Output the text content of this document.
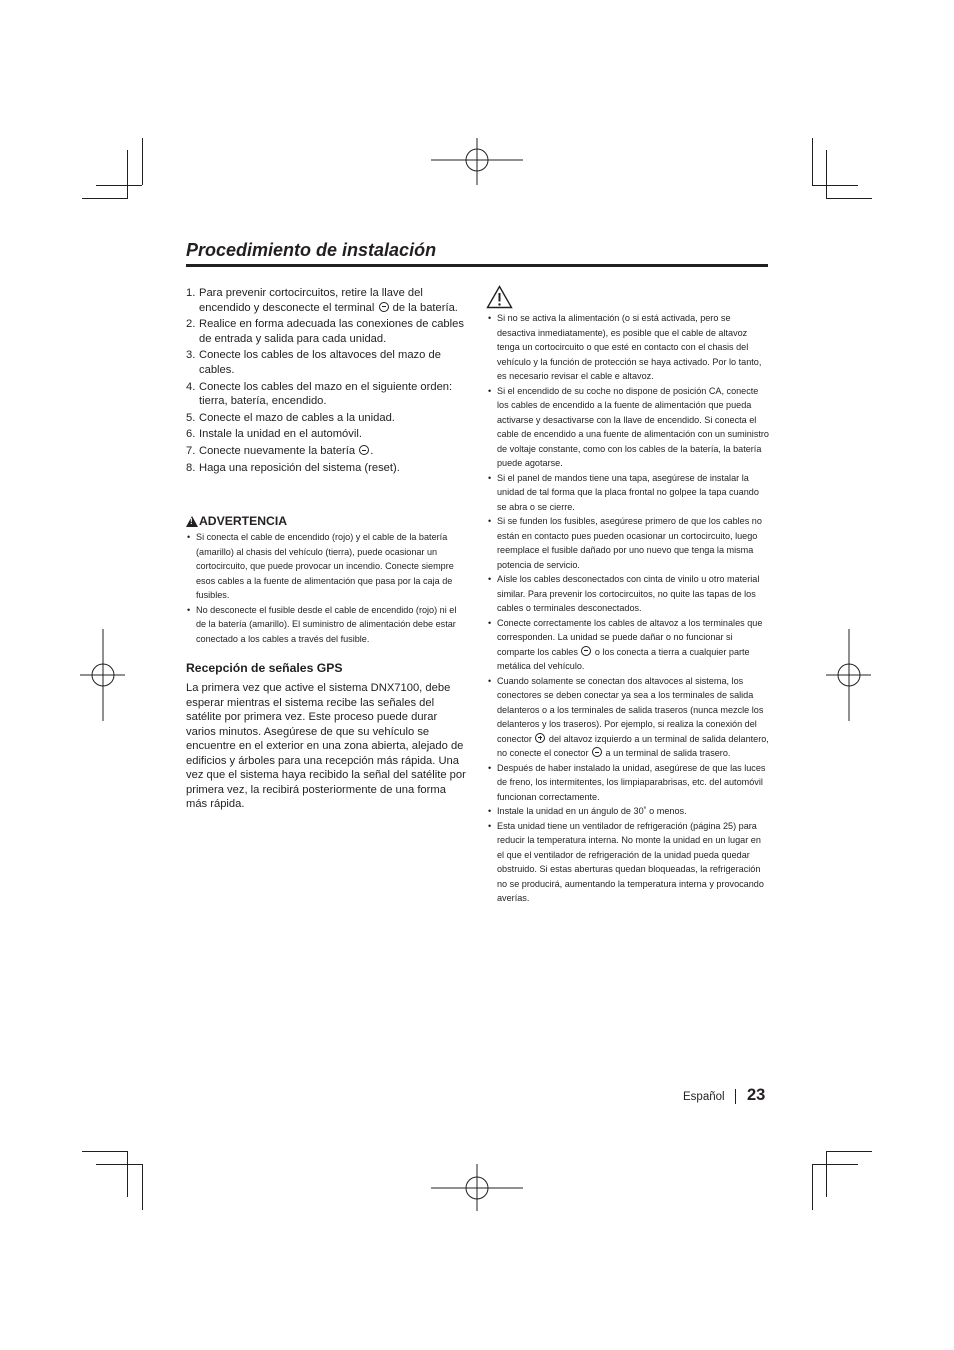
Procedimiento de instalación
1. Para prevenir cortocircuitos, retire la llave del encendido y desconecte el terminal  de la batería.
2. Realice en forma adecuada las conexiones de cables de entrada y salida para cada unidad.
3. Conecte los cables de los altavoces del mazo de cables.
4. Conecte los cables del mazo en el siguiente orden: tierra, batería, encendido.
5. Conecte el mazo de cables a la unidad.
6. Instale la unidad en el automóvil.
7. Conecte nuevamente la batería .
8. Haga una reposición del sistema (reset).
!
ADVERTENCIA
• Si conecta el cable de encendido (rojo) y el cable de la batería (amarillo) al chasis del vehículo (tierra), puede ocasionar un cortocircuito, que puede provocar un incendio. Conecte siempre esos cables a la fuente de alimentación que pasa por la caja de fusibles.
• No desconecte el fusible desde el cable de encendido (rojo) ni el de la batería (amarillo). El suministro de alimentación debe estar conectado a los cables a través del fusible.
Recepción de señales GPS

La primera vez que active el sistema DNX7100, debe esperar mientras el sistema recibe las señales del satélite por primera vez. Este proceso puede durar varios minutos. Asegúrese de que su vehículo se encuentre en el exterior en una zona abierta, alejado de edificios y árboles para una recepción más rápida. Una vez que el sistema haya recibido la señal del satélite por primera vez, la recibirá posteriormente de una forma más rápida.

• Si no se activa la alimentación (o si está activada, pero se desactiva inmediatamente), es posible que el cable de altavoz tenga un cortocircuito o que esté en contacto con el chasis del vehículo y la función de protección se haya activado. Por lo tanto, es necesario revisar el cable e altavoz.
• Si el encendido de su coche no dispone de posición CA, conecte los cables de encendido a la fuente de alimentación que pueda activarse y desactivarse con la llave de encendido. Si conecta el cable de encendido a una fuente de alimentación con un suministro de voltaje constante, como con los cables de la batería, la batería puede agotarse.
• Si el panel de mandos tiene una tapa, asegúrese de instalar la unidad de tal forma que la placa frontal no golpee la tapa cuando se abra o se cierre.
• Si se funden los fusibles, asegúrese primero de que los cables no están en contacto pues pueden ocasionar un cortocircuito, luego reemplace el fusible dañado por uno nuevo que tenga la misma potencia de servicio.
• Aísle los cables desconectados con cinta de vinilo u otro material similar. Para prevenir los cortocircuitos, no quite las tapas de los cables o terminales desconectados.
• Conecte correctamente los cables de altavoz a los terminales que corresponden. La unidad se puede dañar o no funcionar si comparte los cables  o los conecta a tierra a cualquier parte metálica del vehículo.
• Cuando solamente se conectan dos altavoces al sistema, los conectores se deben conectar ya sea a los terminales de salida delanteros o a los terminales de salida traseros (nunca mezcle los delanteros y los traseros). Por ejemplo, si realiza la conexión del conector  del altavoz izquierdo a un terminal de salida delantero, no conecte el conector  a un terminal de salida trasero.
• Después de haber instalado la unidad, asegúrese de que las luces de freno, los intermitentes, los limpiaparabrisas, etc. del automóvil funcionan correctamente.
• Instale la unidad en un ángulo de 30˚ o menos.
• Esta unidad tiene un ventilador de refrigeración (página 25) para reducir la temperatura interna. No monte la unidad en un lugar en el que el ventilador de refrigeración de la unidad pueda quedar obstruido. Si estas aberturas quedan bloqueadas, la refrigeración no se producirá, aumentando la temperatura interna y provocando averías.
Español 23
